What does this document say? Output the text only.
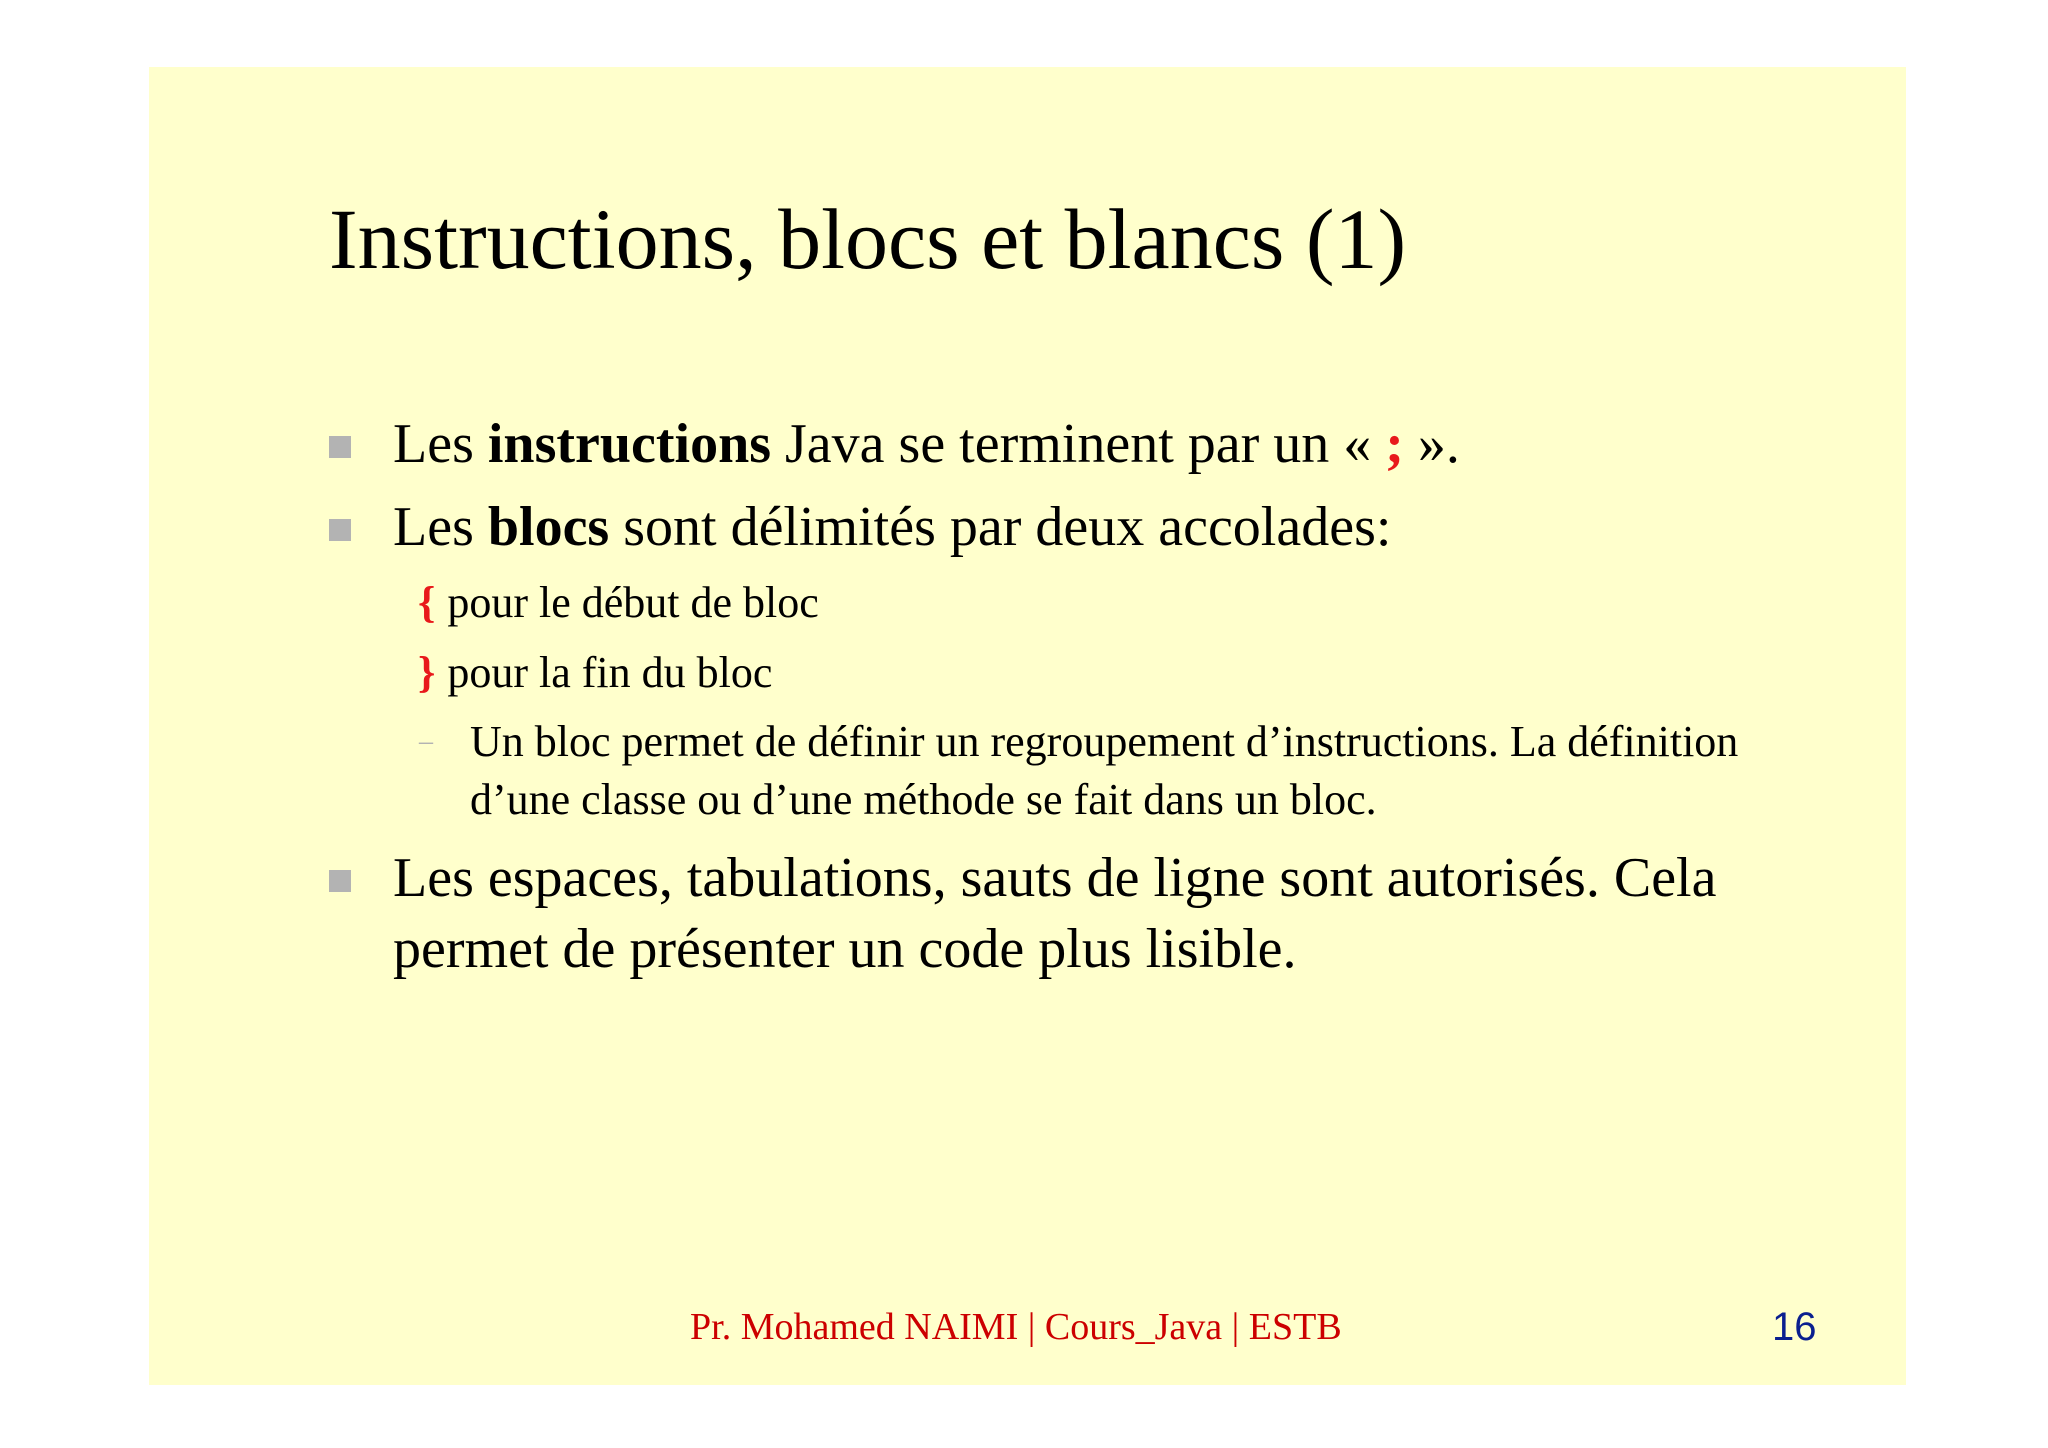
Instructions, blocs et blancs (1)
Les instructions Java se terminent par un « ; ».
Les blocs sont délimités par deux accolades:
{ pour le début de bloc
} pour la fin du bloc
– Un bloc permet de définir un regroupement d’instructions. La définition d’une classe ou d’une méthode se fait dans un bloc.
Les espaces, tabulations, sauts de ligne sont autorisés. Cela permet de présenter un code plus lisible.
Pr. Mohamed NAIMI | Cours_Java | ESTB	16
